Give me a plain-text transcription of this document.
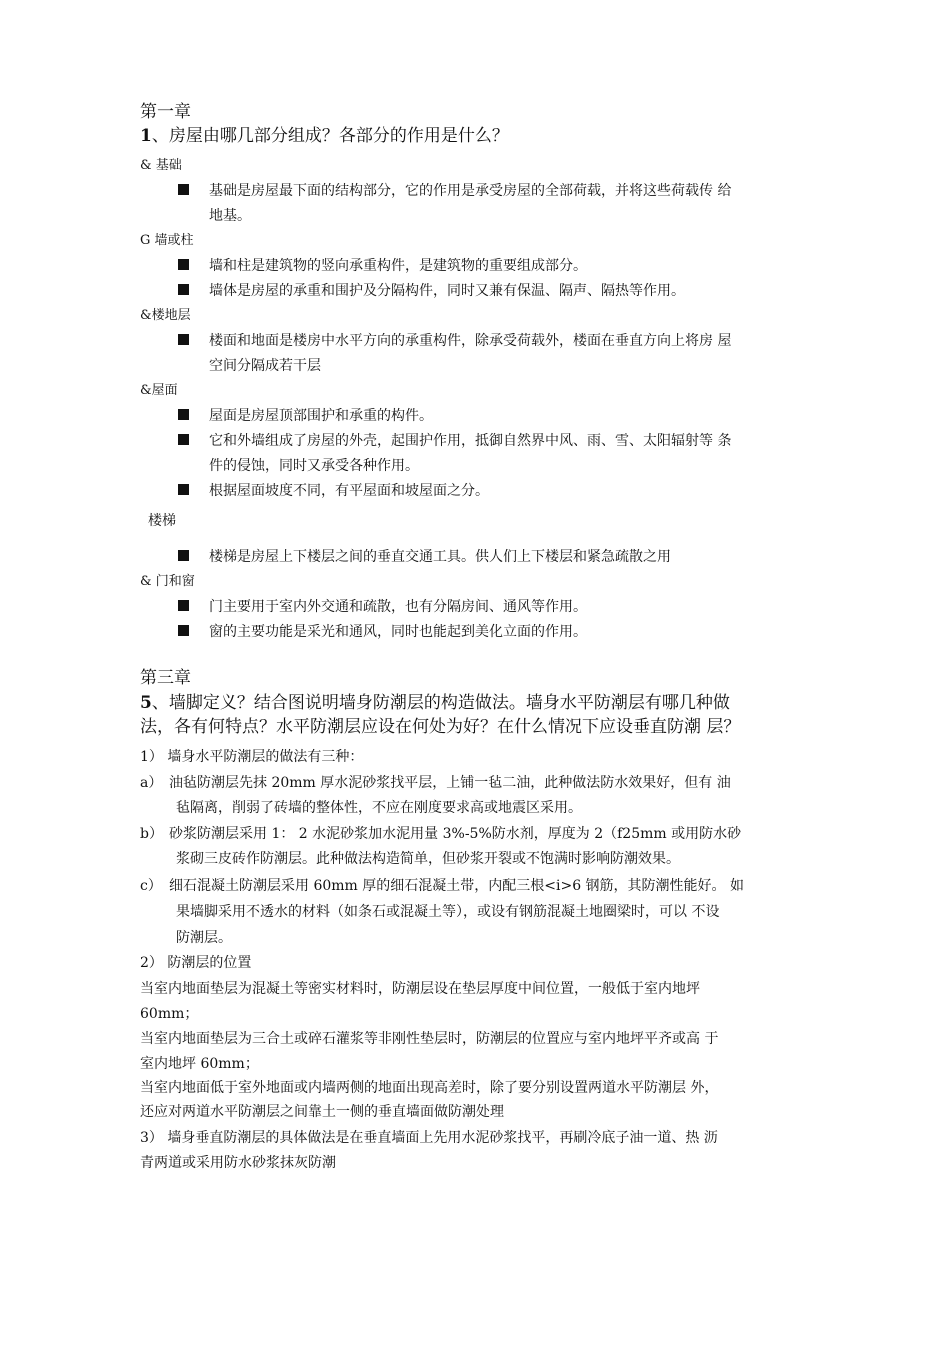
第一章
1、房屋由哪几部分组成？各部分的作用是什么？
& 基础
基础是房屋最下面的结构部分，它的作用是承受房屋的全部荷载，并将这些荷载传 给
地基。
G 墙或柱
墙和柱是建筑物的竖向承重构件，是建筑物的重要组成部分。
墙体是房屋的承重和围护及分隔构件，同时又兼有保温、隔声、隔热等作用。
&楼地层
楼面和地面是楼房中水平方向的承重构件，除承受荷载外，楼面在垂直方向上将房 屋
空间分隔成若干层
&屋面
屋面是房屋顶部围护和承重的构件。
它和外墙组成了房屋的外壳，起围护作用，抵御自然界中风、雨、雪、太阳辐射等 条
件的侵蚀，同时又承受各种作用。
根据屋面坡度不同，有平屋面和坡屋面之分。
楼梯
楼梯是房屋上下楼层之间的垂直交通工具。供人们上下楼层和紧急疏散之用
& 门和窗
门主要用于室内外交通和疏散，也有分隔房间、通风等作用。
窗的主要功能是采光和通风，同时也能起到美化立面的作用。
第三章
5、墙脚定义？结合图说明墙身防潮层的构造做法。墙身水平防潮层有哪几种做
法，各有何特点？水平防潮层应设在何处为好？在什么情况下应设垂直防潮 层？
1） 墙身水平防潮层的做法有三种：
a） 油毡防潮层先抹 20mm 厚水泥砂浆找平层，上铺一毡二油，此种做法防水效果好，但有 油
毡隔离，削弱了砖墙的整体性，不应在刚度要求高或地震区采用。
b） 砂浆防潮层采用 1： 2 水泥砂浆加水泥用量 3%-5%防水剂，厚度为 2（f25mm 或用防水砂
浆砌三皮砖作防潮层。此种做法构造简单，但砂浆开裂或不饱满时影响防潮效果。
c） 细石混凝土防潮层采用 60mm 厚的细石混凝土带，内配三根<i>6 钢筋，其防潮性能好。 如
果墙脚采用不透水的材料（如条石或混凝土等），或设有钢筋混凝土地圈梁时，可以 不设
防潮层。
2） 防潮层的位置
当室内地面垫层为混凝土等密实材料时，防潮层设在垫层厚度中间位置，一般低于室内地坪
60mm；
当室内地面垫层为三合土或碎石灌浆等非刚性垫层时，防潮层的位置应与室内地坪平齐或高 于
室内地坪 60mm；
当室内地面低于室外地面或内墙两侧的地面出现高差时，除了要分别设置两道水平防潮层 外，
还应对两道水平防潮层之间靠土一侧的垂直墙面做防潮处理
3） 墙身垂直防潮层的具体做法是在垂直墙面上先用水泥砂浆找平，再刷冷底子油一道、热 沥
青两道或采用防水砂浆抹灰防潮
